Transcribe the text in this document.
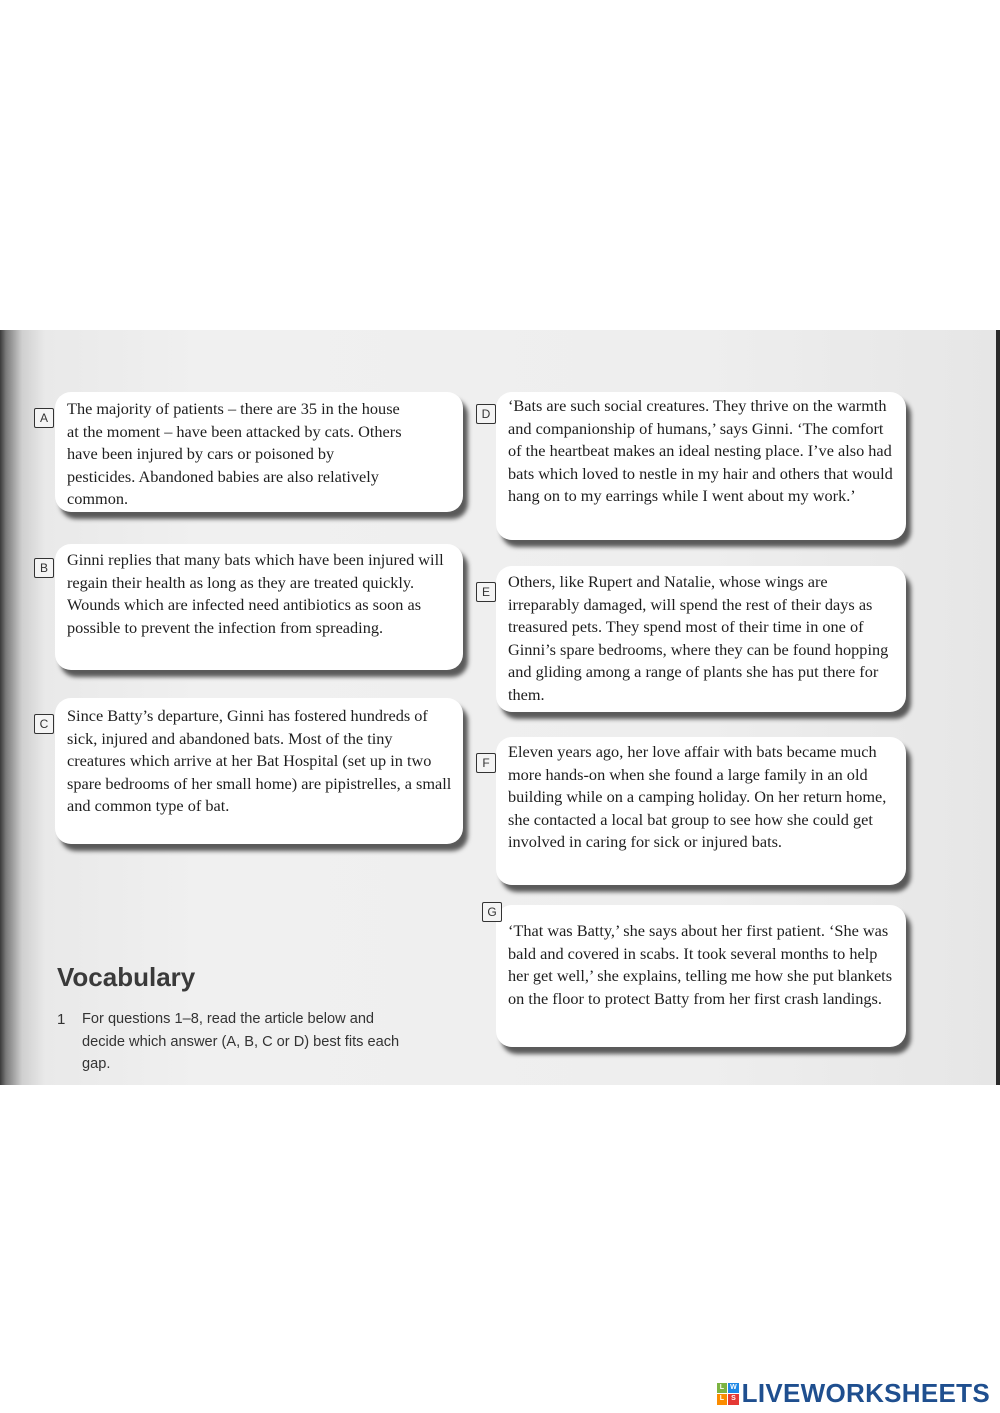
A	The majority of patients – there are 35 in the house at the moment – have been attacked by cats. Others have been injured by cars or poisoned by pesticides. Abandoned babies are also relatively common.

B	Ginni replies that many bats which have been injured will regain their health as long as they are treated quickly. Wounds which are infected need antibiotics as soon as possible to prevent the infection from spreading.

C	Since Batty’s departure, Ginni has fostered hundreds of sick, injured and abandoned bats. Most of the tiny creatures which arrive at her Bat Hospital (set up in two spare bedrooms of her small home) are pipistrelles, a small and common type of bat.

D	‘Bats are such social creatures. They thrive on the warmth and companionship of humans,’ says Ginni. ‘The comfort of the heartbeat makes an ideal nesting place. I’ve also had bats which loved to nestle in my hair and others that would hang on to my earrings while I went about my work.’

E

Others, like Rupert and Natalie, whose wings are irreparably damaged, will spend the rest of their days as treasured pets. They spend most of their time in one of Ginni’s spare bedrooms, where they can be found hopping and gliding among a range of plants she has put there for them.

F

Eleven years ago, her love affair with bats became much more hands-on when she found a large family in an old building while on a camping holiday. On her return home, she contacted a local bat group to see how she could get involved in caring for sick or injured bats.

G

‘That was Batty,’ she says about her first patient. ‘She was bald and covered in scabs. It took several months to help her get well,’ she explains, telling me how she put blankets on the floor to protect Batty from her first crash landings.

Vocabulary
1 For questions 1–8, read the article below and decide which answer (A, B, C or D) best fits each gap.

L W
L	S LIVEWORKSHEETS
